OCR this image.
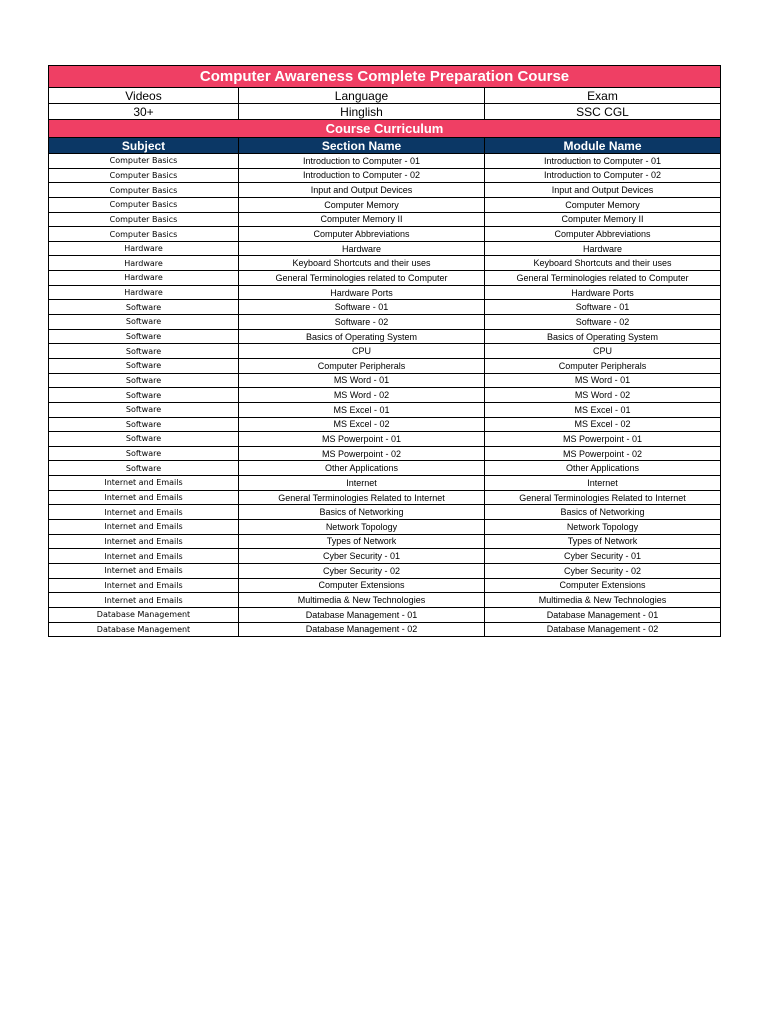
Computer Awareness Complete Preparation Course		
Videos	Language	Exam
30+	Hinglish	SSC CGL
Course Curriculum		
Subject	Section Name	Module Name
Computer Basics	Introduction to Computer - 01	Introduction to Computer - 01
Computer Basics	Introduction to Computer - 02	Introduction to Computer - 02
Computer Basics	Input and Output Devices	Input and Output Devices
Computer Basics	Computer Memory	Computer Memory
Computer Basics	Computer Memory II	Computer Memory II
Computer Basics	Computer Abbreviations	Computer Abbreviations
Hardware	Hardware	Hardware
Hardware	Keyboard Shortcuts and their uses	Keyboard Shortcuts and their uses
Hardware	General Terminologies related to Computer	General Terminologies related to Computer
Hardware	Hardware Ports	Hardware Ports
Software	Software - 01	Software - 01
Software	Software - 02	Software - 02
Software	Basics of Operating System	Basics of Operating System
Software	CPU	CPU
Software	Computer Peripherals	Computer Peripherals
Software	MS Word - 01	MS Word - 01
Software	MS Word - 02	MS Word - 02
Software	MS Excel - 01	MS Excel - 01
Software	MS Excel - 02	MS Excel - 02
Software	MS Powerpoint - 01	MS Powerpoint - 01
Software	MS Powerpoint - 02	MS Powerpoint - 02
Software	Other Applications	Other Applications
Internet and Emails	Internet	Internet
Internet and Emails	General Terminologies Related to Internet	General Terminologies Related to Internet
Internet and Emails	Basics of Networking	Basics of Networking
Internet and Emails	Network Topology	Network Topology
Internet and Emails	Types of Network	Types of Network
Internet and Emails	Cyber Security - 01	Cyber Security - 01
Internet and Emails	Cyber Security - 02	Cyber Security - 02
Internet and Emails	Computer Extensions	Computer Extensions
Internet and Emails	Multimedia & New Technologies	Multimedia & New Technologies
Database Management	Database Management - 01	Database Management - 01
Database Management	Database Management - 02	Database Management - 02
